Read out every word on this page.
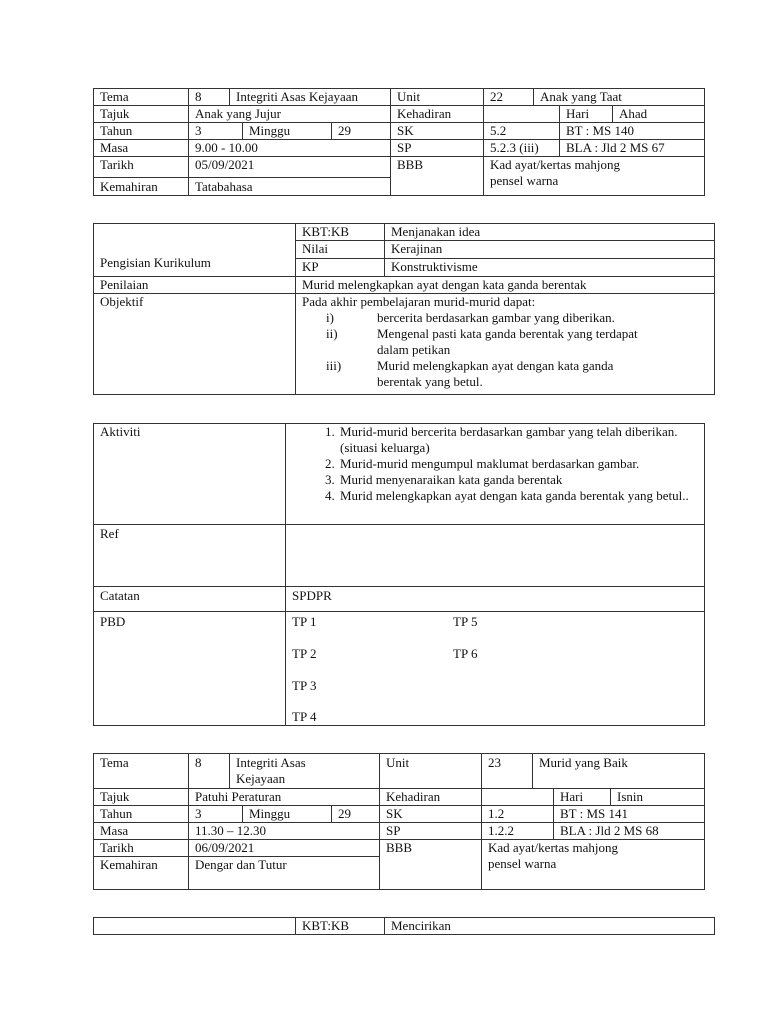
Tema	8	Integriti Asas Kejayaan	Unit	22	Anak yang Taat
Tajuk	Anak yang Jujur	Kehadiran	Hari	Ahad
Tahun	3	Minggu	29	SK	5.2	BT : MS 140
Masa	9.00 - 10.00	SP	5.2.3 (iii)	BLA : Jld 2 MS 67
Tarikh	05/09/2021	BBB	Kad ayat/kertas mahjong
pensel warna
Kemahiran	Tatabahasa
Pengisian Kurikulum
KBT:KB	Menjanakan idea
Nilai	Kerajinan
KP	Konstruktivisme
Penilaian	Murid melengkapkan ayat dengan kata ganda berentak
Objektif	Pada akhir pembelajaran murid-murid dapat:
i)	bercerita berdasarkan gambar yang diberikan.
ii)	Mengenal pasti kata ganda berentak yang terdapat
dalam petikan
iii)	Murid melengkapkan ayat dengan kata ganda
berentak yang betul.
Aktiviti
1.	Murid-murid bercerita berdasarkan gambar yang telah diberikan.(situasi keluarga)
2. Murid-murid mengumpul maklumat berdasarkan gambar.
3. Murid menyenaraikan kata ganda berentak
4. Murid melengkapkan ayat dengan kata ganda berentak yang betul..
Ref
Catatan	SPDPR
PBD	TP 1	TP 5
TP 2	TP 6
TP 3
TP 4
Tema	8	Integriti Asas
Kejayaan
Unit	23	Murid yang Baik
Tajuk	Patuhi Peraturan	Kehadiran	Hari	Isnin
Tahun	3	Minggu	29	SK	1.2	BT : MS 141
Masa	11.30 – 12.30	SP	1.2.2	BLA : Jld 2 MS 68
Tarikh	06/09/2021	BBB	Kad ayat/kertas mahjong
pensel warna
Kemahiran	Dengar dan Tutur
KBT:KB	Mencirikan
